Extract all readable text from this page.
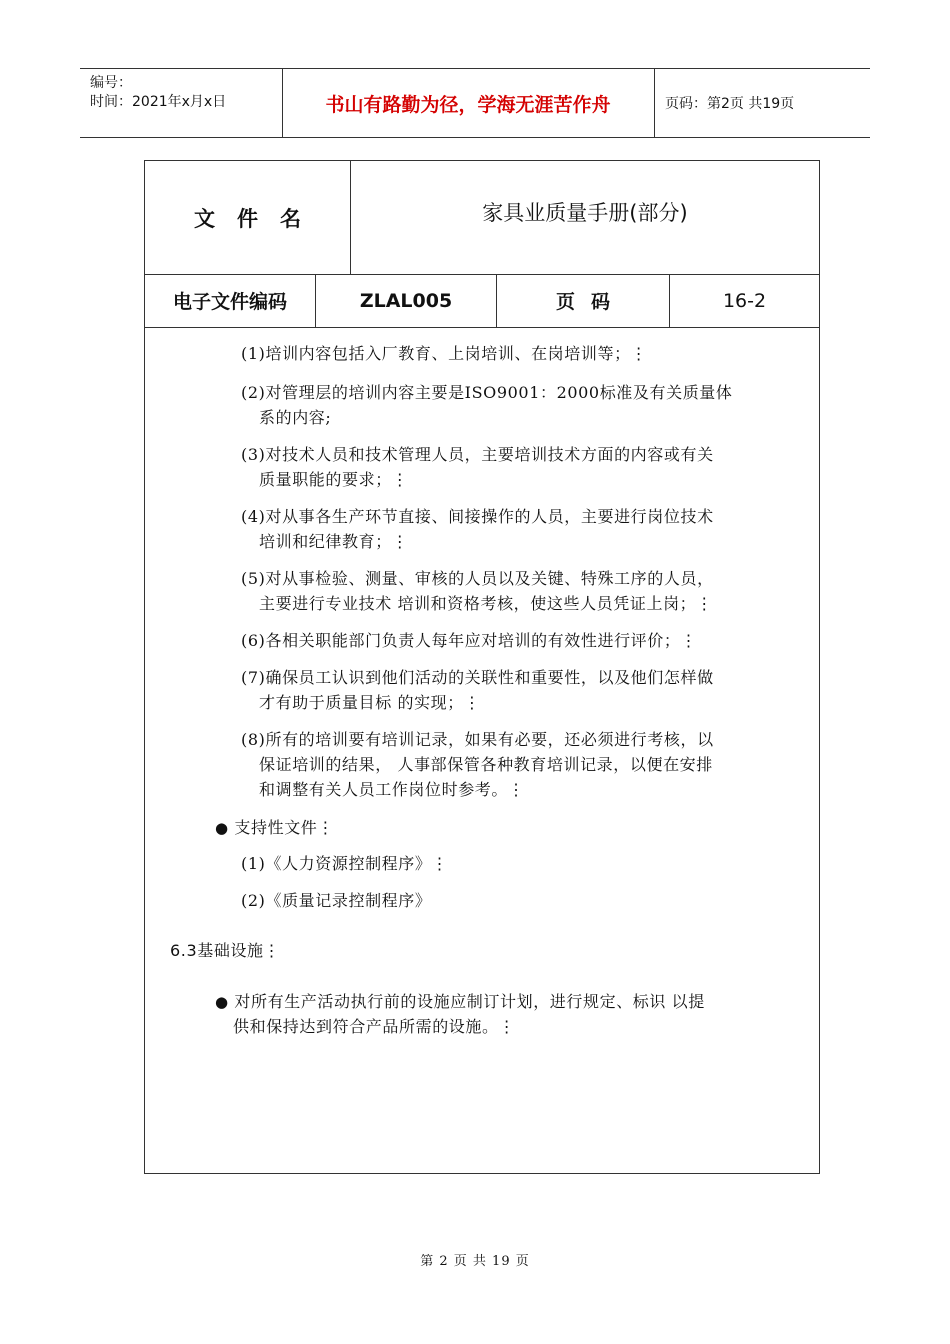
编号：
时间：2021年x月x日	书山有路勤为径，学海无涯苦作舟	页码：第2页 共19页
文件名	家具业质量手册(部分)
电子文件编码	ZLAL005	页码	16-2
(1)培训内容包括入厂教育、上岗培训、在岗培训等；⋮
(2)对管理层的培训内容主要是ISO9001：2000标准及有关质量体
系的内容;
(3)对技术人员和技术管理人员，主要培训技术方面的内容或有关
质量职能的要求；⋮
(4)对从事各生产环节直接、间接操作的人员，主要进行岗位技术
培训和纪律教育；⋮
(5)对从事检验、测量、审核的人员以及关键、特殊工序的人员，
主要进行专业技术 培训和资格考核，使这些人员凭证上岗；⋮
(6)各相关职能部门负责人每年应对培训的有效性进行评价；⋮
(7)确保员工认识到他们活动的关联性和重要性，以及他们怎样做
才有助于质量目标 的实现；⋮
(8)所有的培训要有培训记录，如果有必要，还必须进行考核，以
保证培训的结果， 人事部保管各种教育培训记录，以便在安排
和调整有关人员工作岗位时参考。⋮
● 支持性文件⋮
(1)《人力资源控制程序》⋮
(2)《质量记录控制程序》
6.3基础设施⋮
● 对所有生产活动执行前的设施应制订计划，进行规定、标识 以提
供和保持达到符合产品所需的设施。⋮
第 2 页 共 19 页
